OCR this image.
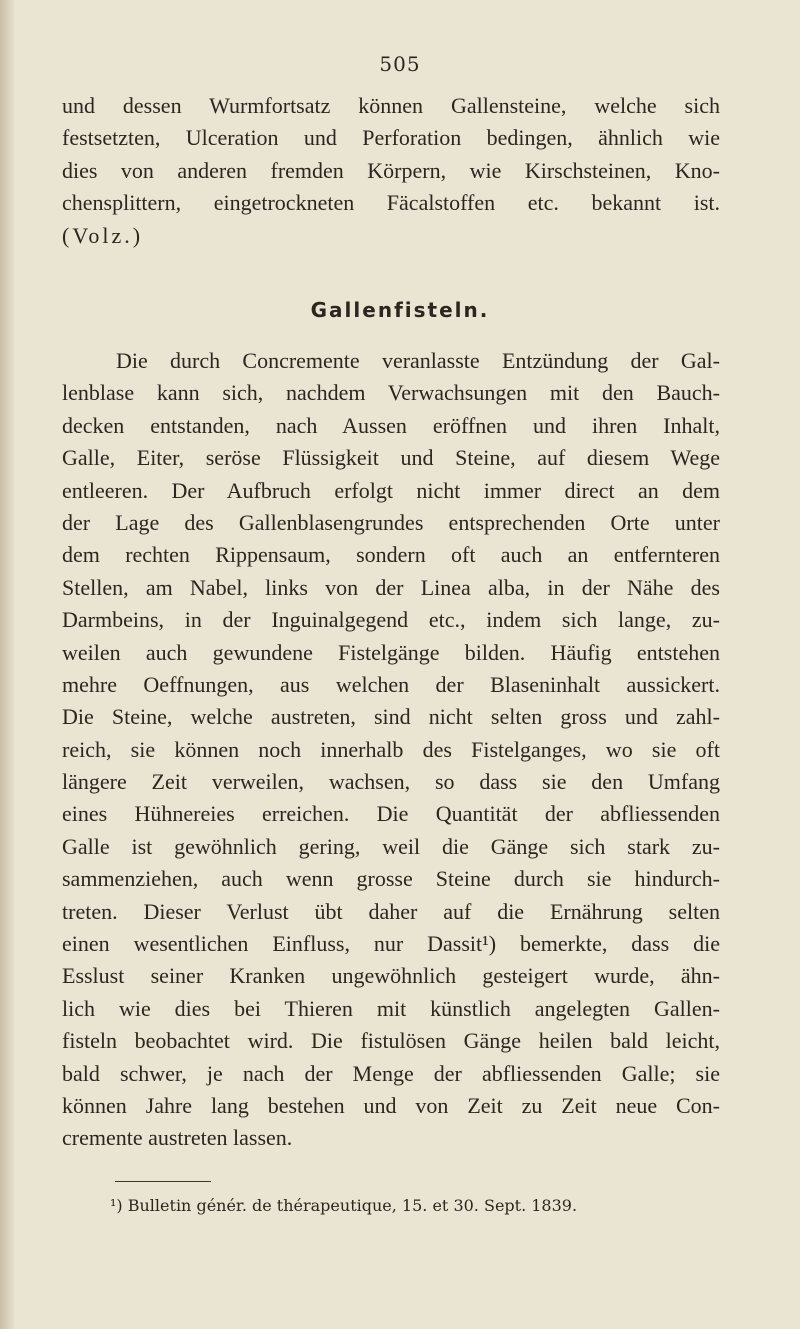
505
und dessen Wurmfortsatz können Gallensteine, welche sich
festsetzten, Ulceration und Perforation bedingen, ähnlich wie
dies von anderen fremden Körpern, wie Kirschsteinen, Kno-
chensplittern, eingetrockneten Fäcalstoffen etc. bekannt ist.
(Volz.)
Gallenfisteln.
Die durch Concremente veranlasste Entzündung der Gal-
lenblase kann sich, nachdem Verwachsungen mit den Bauch-
decken entstanden, nach Aussen eröffnen und ihren Inhalt,
Galle, Eiter, seröse Flüssigkeit und Steine, auf diesem Wege
entleeren. Der Aufbruch erfolgt nicht immer direct an dem
der Lage des Gallenblasengrundes entsprechenden Orte unter
dem rechten Rippensaum, sondern oft auch an entfernteren
Stellen, am Nabel, links von der Linea alba, in der Nähe des
Darmbeins, in der Inguinalgegend etc., indem sich lange, zu-
weilen auch gewundene Fistelgänge bilden. Häufig entstehen
mehre Oeffnungen, aus welchen der Blaseninhalt aussickert.
Die Steine, welche austreten, sind nicht selten gross und zahl-
reich, sie können noch innerhalb des Fistelganges, wo sie oft
längere Zeit verweilen, wachsen, so dass sie den Umfang
eines Hühnereies erreichen. Die Quantität der abfliessenden
Galle ist gewöhnlich gering, weil die Gänge sich stark zu-
sammenziehen, auch wenn grosse Steine durch sie hindurch-
treten. Dieser Verlust übt daher auf die Ernährung selten
einen wesentlichen Einfluss, nur Dassit¹) bemerkte, dass die
Esslust seiner Kranken ungewöhnlich gesteigert wurde, ähn-
lich wie dies bei Thieren mit künstlich angelegten Gallen-
fisteln beobachtet wird. Die fistulösen Gänge heilen bald leicht,
bald schwer, je nach der Menge der abfliessenden Galle; sie
können Jahre lang bestehen und von Zeit zu Zeit neue Con-
cremente austreten lassen.
¹) Bulletin génér. de thérapeutique, 15. et 30. Sept. 1839.
